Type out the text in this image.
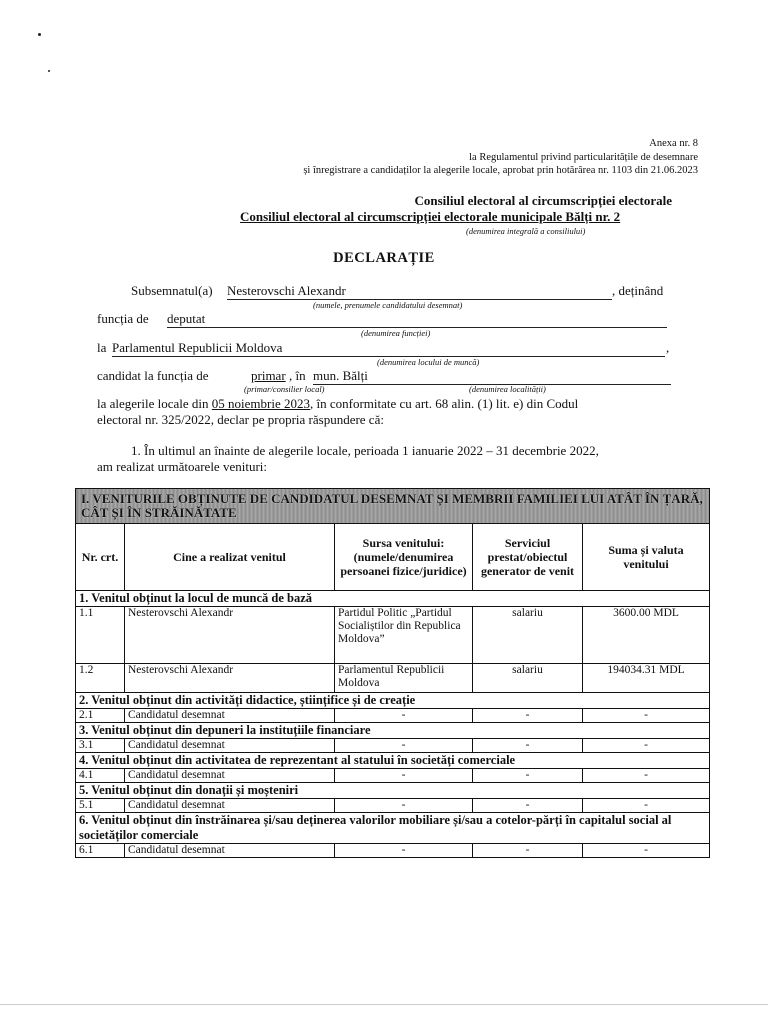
Anexa nr. 8
la Regulamentul privind particularitățile de desemnare
și înregistrare a candidaților la alegerile locale, aprobat prin hotărârea nr. 1103 din 21.06.2023
Consiliul electoral al circumscripției electorale
Consiliul electoral al circumscripției electorale municipale Bălți nr. 2
(denumirea integrală a consiliului)
DECLARAȚIE
Subsemnatul(a) Nesterovschi Alexandr	, deținând
(numele, prenumele candidatului desemnat)
funcția de deputat
(denumirea funcției)
la Parlamentul Republicii Moldova	,
(denumirea locului de muncă)
candidat la funcția de	primar , în mun. Bălți
(primar/consilier local)	(denumirea localității)
la alegerile locale din 05 noiembrie 2023, în conformitate cu art. 68 alin. (1) lit. e) din Codul
electoral nr. 325/2022, declar pe propria răspundere că:
1. În ultimul an înainte de alegerile locale, perioada 1 ianuarie 2022 – 31 decembrie 2022,
am realizat următoarele venituri:
I. VENITURILE OBȚINUTE DE CANDIDATUL DESEMNAT ȘI MEMBRII FAMILIEI LUI ATÂT ÎN ȚARĂ, CÂT ȘI ÎN STRĂINĂTATE				
Nr. crt.	Cine a realizat venitul	Sursa venitului: (numele/denumirea persoanei fizice/juridice)	Serviciul prestat/obiectul generator de venit	Suma și valuta venitului
1. Venitul obținut la locul de muncă de bază				
1.1	Nesterovschi Alexandr	Partidul Politic „Partidul Socialiștilor din Republica Moldova”	salariu	3600.00 MDL
1.2	Nesterovschi Alexandr	Parlamentul Republicii Moldova	salariu	194034.31 MDL
2. Venitul obținut din activități didactice, științifice și de creație				
2.1	Candidatul desemnat	-	-	-
3. Venitul obținut din depuneri la instituțiile financiare				
3.1	Candidatul desemnat	-	-	-
4. Venitul obținut din activitatea de reprezentant al statului în societăți comerciale				
4.1	Candidatul desemnat	-	-	-
5. Venitul obținut din donații și moșteniri				
5.1	Candidatul desemnat	-	-	-
6. Venitul obținut din înstrăinarea și/sau deținerea valorilor mobiliare și/sau a cotelor-părți în capitalul social al societăților comerciale				
6.1	Candidatul desemnat	-	-	-
